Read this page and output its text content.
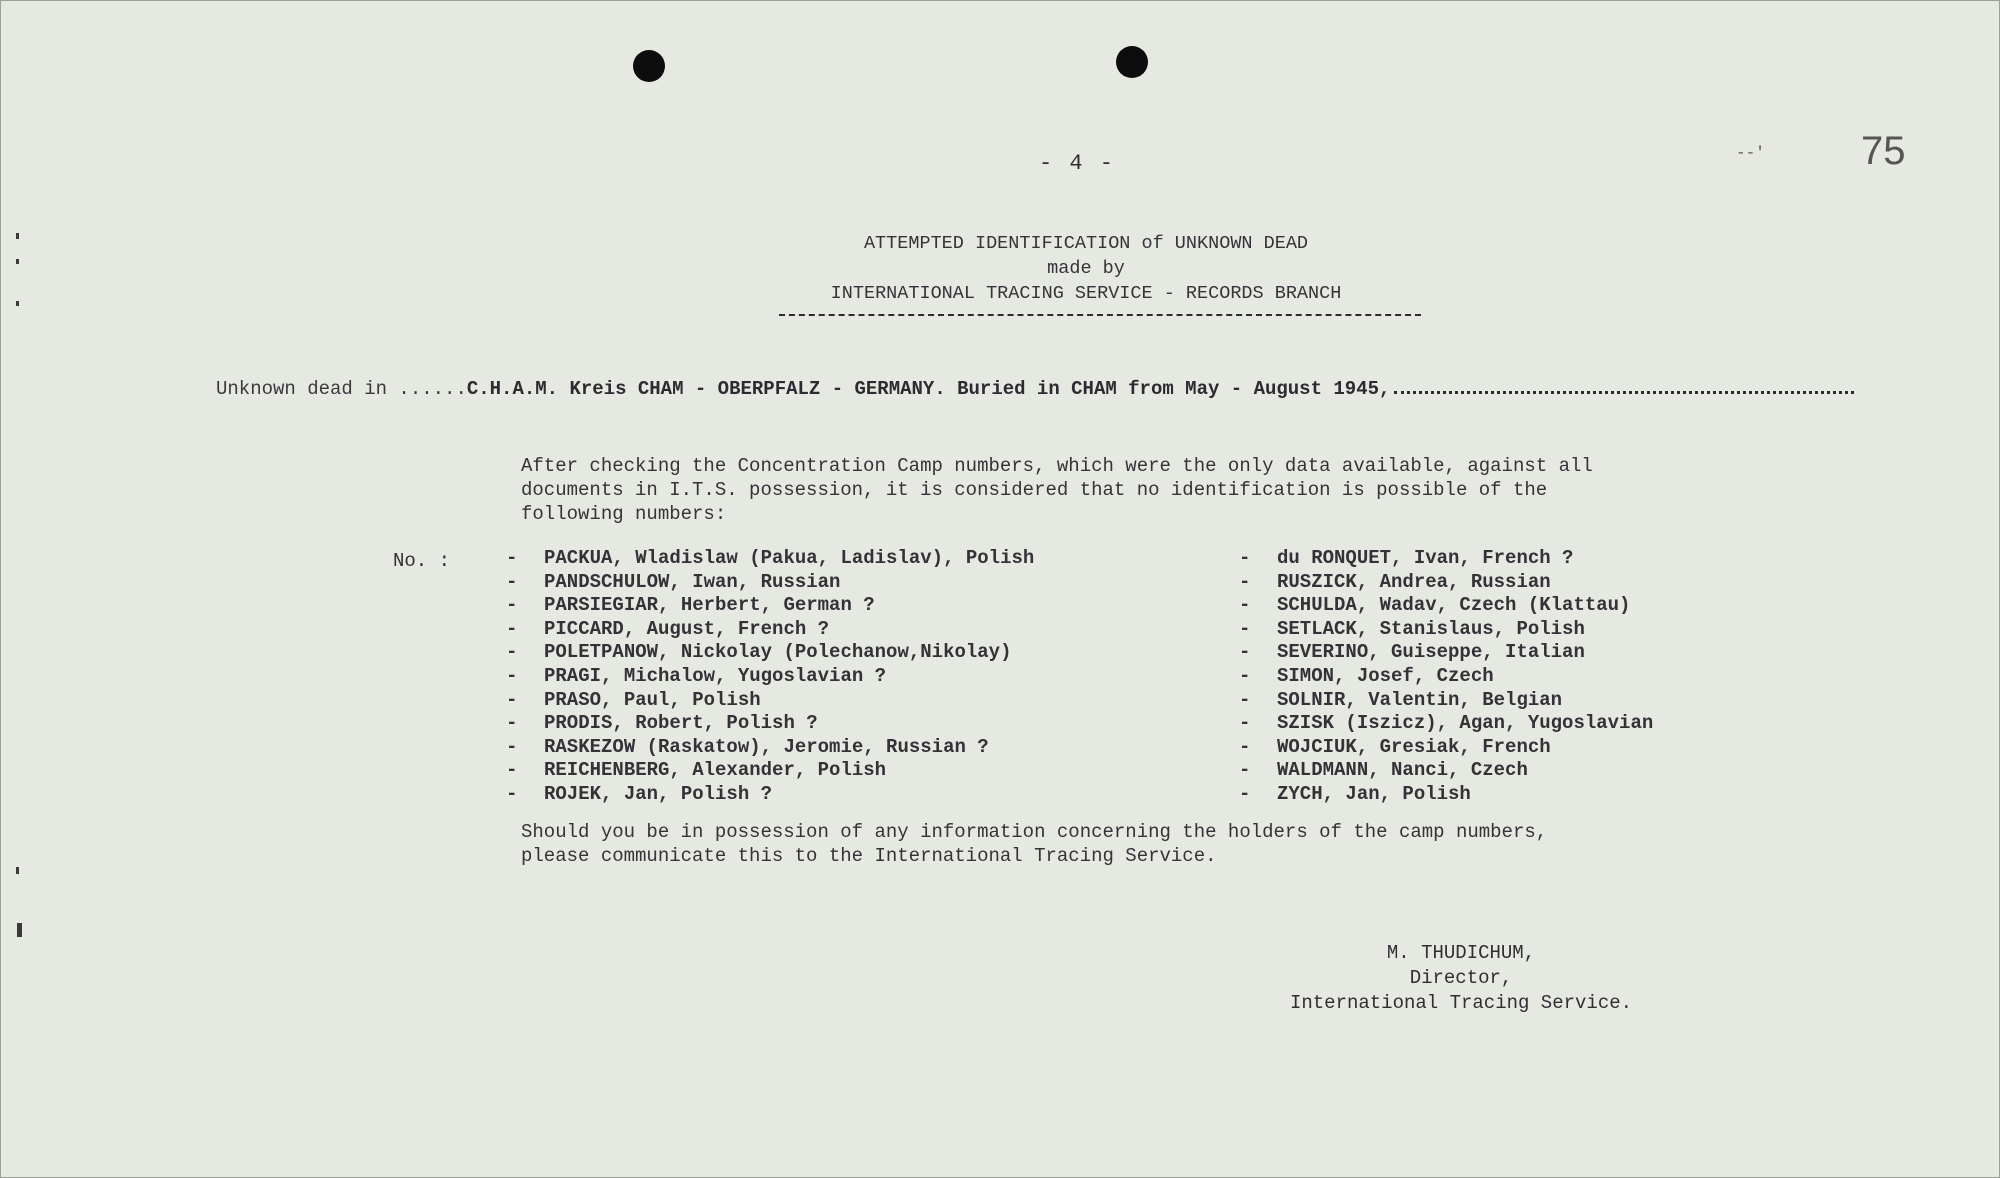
- 4 -	--' 75
ATTEMPTED IDENTIFICATION of UNKNOWN DEAD
made by
INTERNATIONAL TRACING SERVICE - RECORDS BRANCH
Unknown dead in ......C.H.A.M. Kreis CHAM - OBERPFALZ - GERMANY. Buried in CHAM from May - August 1945,
After checking the Concentration Camp numbers, which were the only data available, against all
documents in I.T.S. possession, it is considered that no identification is possible of the
following numbers:
No. :	- PACKUA, Wladislaw (Pakua, Ladislav), Polish
- PANDSCHULOW, Iwan, Russian
- PARSIEGIAR, Herbert, German ?
- PICCARD, August, French ?
- POLETPANOW, Nickolay (Polechanow,Nikolay)
- PRAGI, Michalow, Yugoslavian ?
- PRASO, Paul, Polish
- PRODIS, Robert, Polish ?
- RASKEZOW (Raskatow), Jeromie, Russian ?
- REICHENBERG, Alexander, Polish
- ROJEK, Jan, Polish ?
- du RONQUET, Ivan, French ?
- RUSZICK, Andrea, Russian
- SCHULDA, Wadav, Czech (Klattau)
- SETLACK, Stanislaus, Polish
- SEVERINO, Guiseppe, Italian
- SIMON, Josef, Czech
- SOLNIR, Valentin, Belgian
- SZISK (Iszicz), Agan, Yugoslavian
- WOJCIUK, Gresiak, French
- WALDMANN, Nanci, Czech
- ZYCH, Jan, Polish
Should you be in possession of any information concerning the holders of the camp numbers,
please communicate this to the International Tracing Service.
M. THUDICHUM,
Director,
International Tracing Service.
